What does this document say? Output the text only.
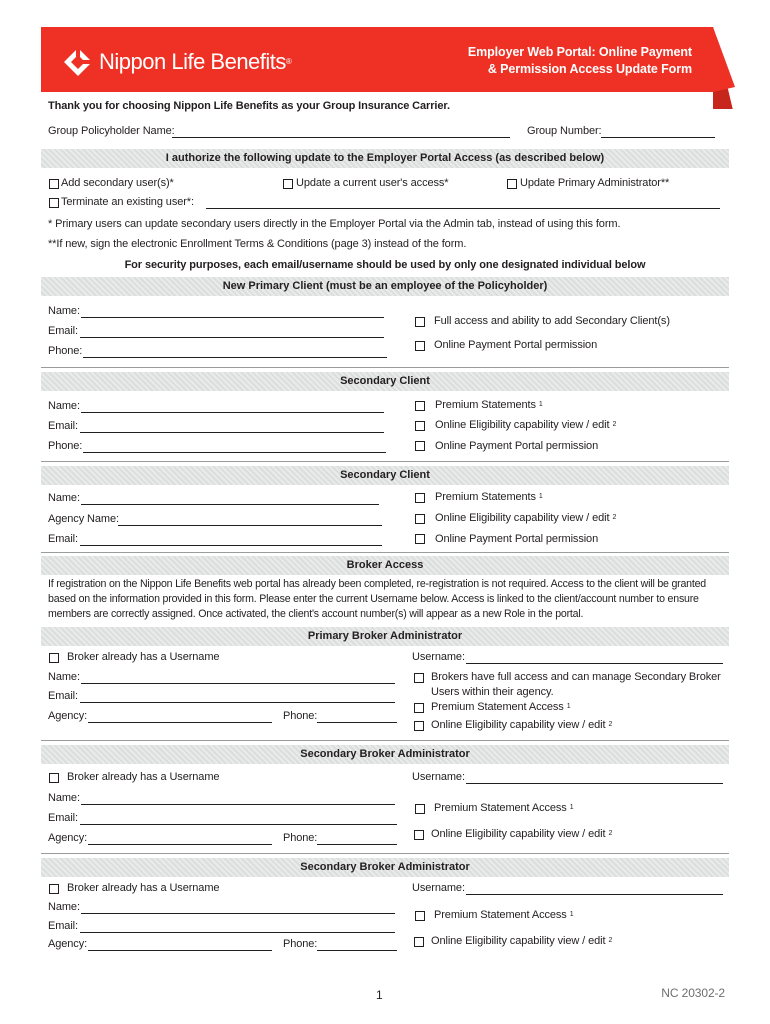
Nippon Life Benefits®
Employer Web Portal: Online Payment
& Permission Access Update Form
Thank you for choosing Nippon Life Benefits as your Group Insurance Carrier.
Group Policyholder Name:	Group Number:
I authorize the following update to the Employer Portal Access (as described below)
Add secondary user(s)*	Update a current user's access*	Update Primary Administrator**
Terminate an existing user*:
* Primary users can update secondary users directly in the Employer Portal via the Admin tab, instead of using this form.
**If new, sign the electronic Enrollment Terms & Conditions (page 3) instead of the form.
For security purposes, each email/username should be used by only one designated individual below
New Primary Client (must be an employee of the Policyholder)
Name:
Email:
Phone:
Full access and ability to add Secondary Client(s)
Online Payment Portal permission
Secondary Client
Name:
Email:
Phone:
Premium Statements $^1$
Online Eligibility capability view / edit $^2$
Online Payment Portal permission
Secondary Client
Name:
Agency Name:
Email:
Premium Statements $^1$
Online Eligibility capability view / edit $^2$
Online Payment Portal permission
Broker Access
If registration on the Nippon Life Benefits web portal has already been completed, re-registration is not required. Access to the client will be granted
based on the information provided in this form. Please enter the current Username below. Access is linked to the client/account number to ensure
members are correctly assigned. Once activated, the client's account number(s) will appear as a new Role in the portal.
Primary Broker Administrator
Broker already has a Username	Username:
Name:
Email:
Agency:	Phone:
Brokers have full access and can manage Secondary Broker
Users within their agency.
Premium Statement Access $^1$
Online Eligibility capability view / edit $^2$
Secondary Broker Administrator
Broker already has a Username	Username:
Name:
Email:
Agency:	Phone:
Premium Statement Access $^1$
Online Eligibility capability view / edit $^2$
Secondary Broker Administrator
Broker already has a Username	Username:
Name:
Email:
Agency:	Phone:
Premium Statement Access $^1$
Online Eligibility capability view / edit $^2$
1	NC 20302-2
